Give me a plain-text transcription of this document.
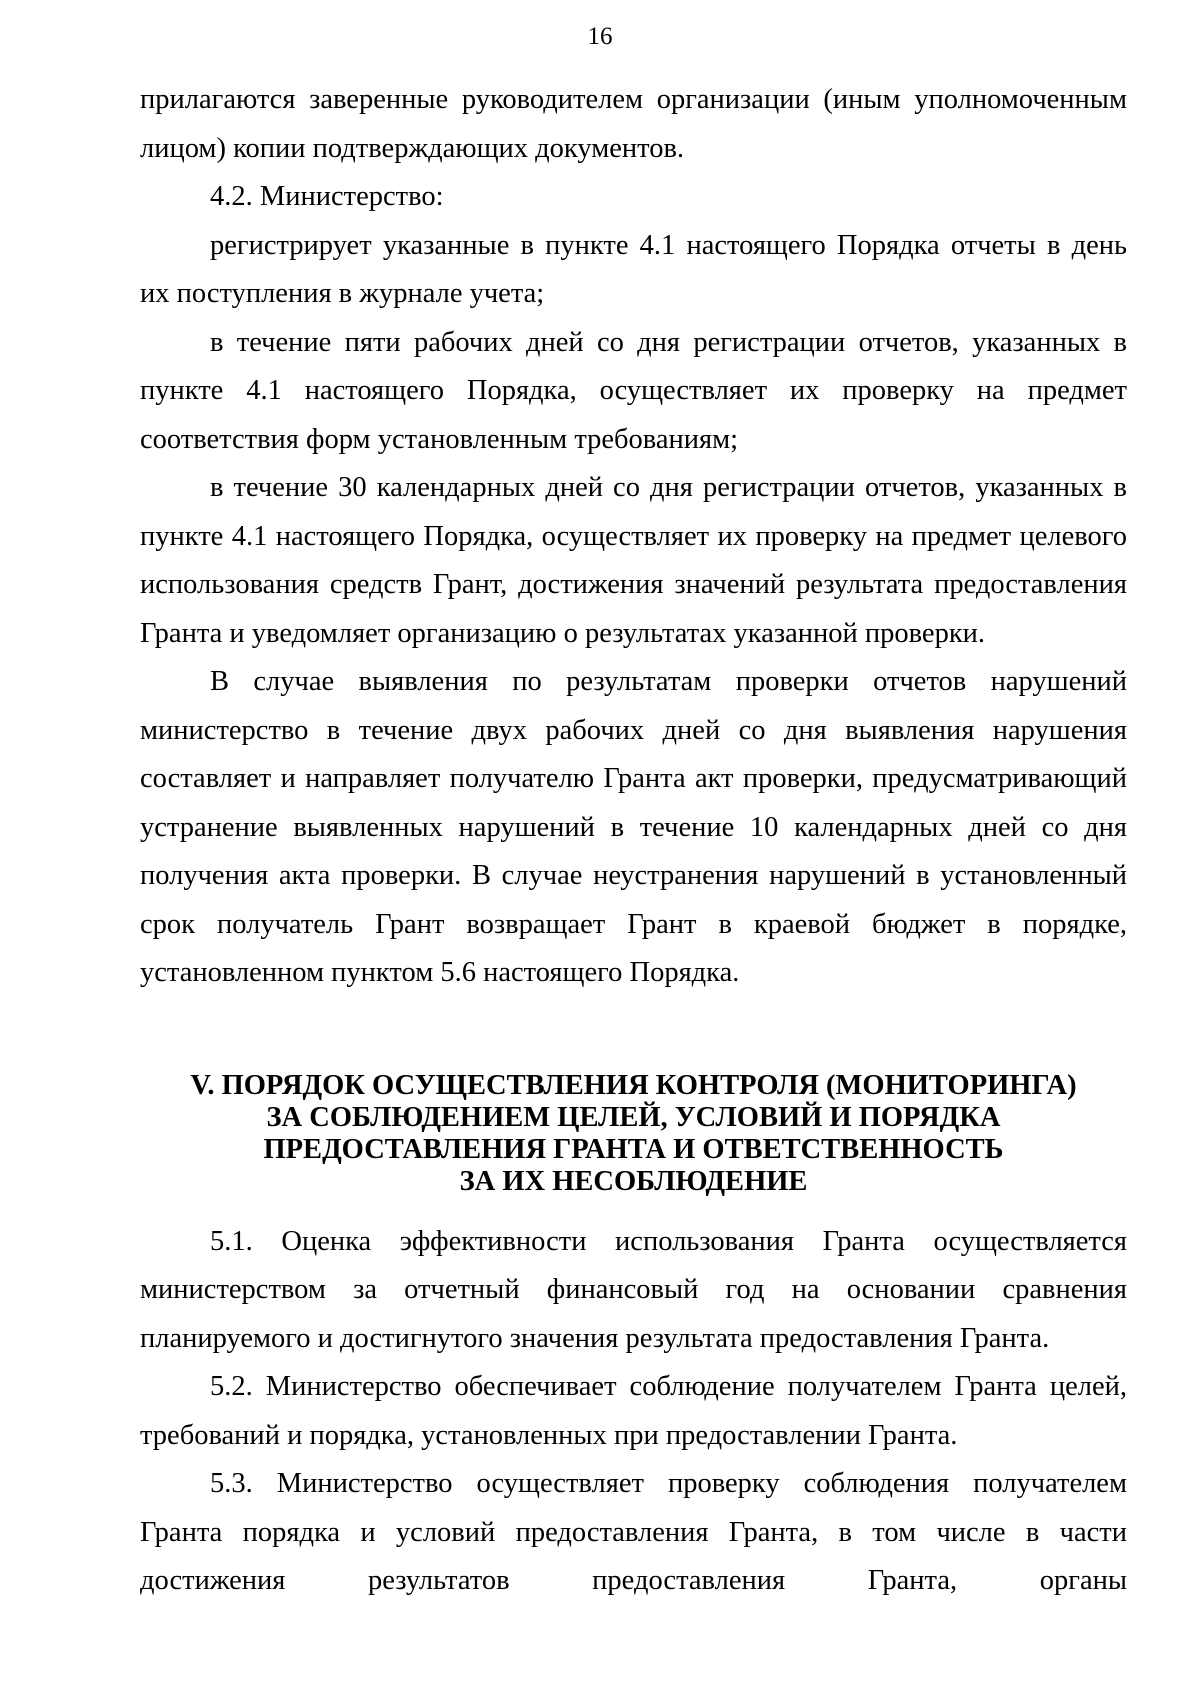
16

прилагаются заверенные руководителем организации (иным уполномоченным лицом) копии подтверждающих документов.

4.2. Министерство:

регистрирует указанные в пункте 4.1 настоящего Порядка отчеты в день их поступления в журнале учета;

в течение пяти рабочих дней со дня регистрации отчетов, указанных в пункте 4.1 настоящего Порядка, осуществляет их проверку на предмет соответствия форм установленным требованиям;

в течение 30 календарных дней со дня регистрации отчетов, указанных в пункте 4.1 настоящего Порядка, осуществляет их проверку на предмет целевого использования средств Грант, достижения значений результата предоставления Гранта и уведомляет организацию о результатах указанной проверки.

В случае выявления по результатам проверки отчетов нарушений министерство в течение двух рабочих дней со дня выявления нарушения составляет и направляет получателю Гранта акт проверки, предусматривающий устранение выявленных нарушений в течение 10 календарных дней со дня получения акта проверки. В случае неустранения нарушений в установленный срок получатель Грант возвращает Грант в краевой бюджет в порядке, установленном пунктом 5.6 настоящего Порядка.

V. ПОРЯДОК ОСУЩЕСТВЛЕНИЯ КОНТРОЛЯ (МОНИТОРИНГА)
ЗА СОБЛЮДЕНИЕМ ЦЕЛЕЙ, УСЛОВИЙ И ПОРЯДКА
ПРЕДОСТАВЛЕНИЯ ГРАНТА И ОТВЕТСТВЕННОСТЬ
ЗА ИХ НЕСОБЛЮДЕНИЕ

5.1. Оценка эффективности использования Гранта осуществляется министерством за отчетный финансовый год на основании сравнения планируемого и достигнутого значения результата предоставления Гранта.

5.2. Министерство обеспечивает соблюдение получателем Гранта целей, требований и порядка, установленных при предоставлении Гранта.

5.3. Министерство осуществляет проверку соблюдения получателем Гранта порядка и условий предоставления Гранта, в том числе в части достижения результатов предоставления Гранта, органы
